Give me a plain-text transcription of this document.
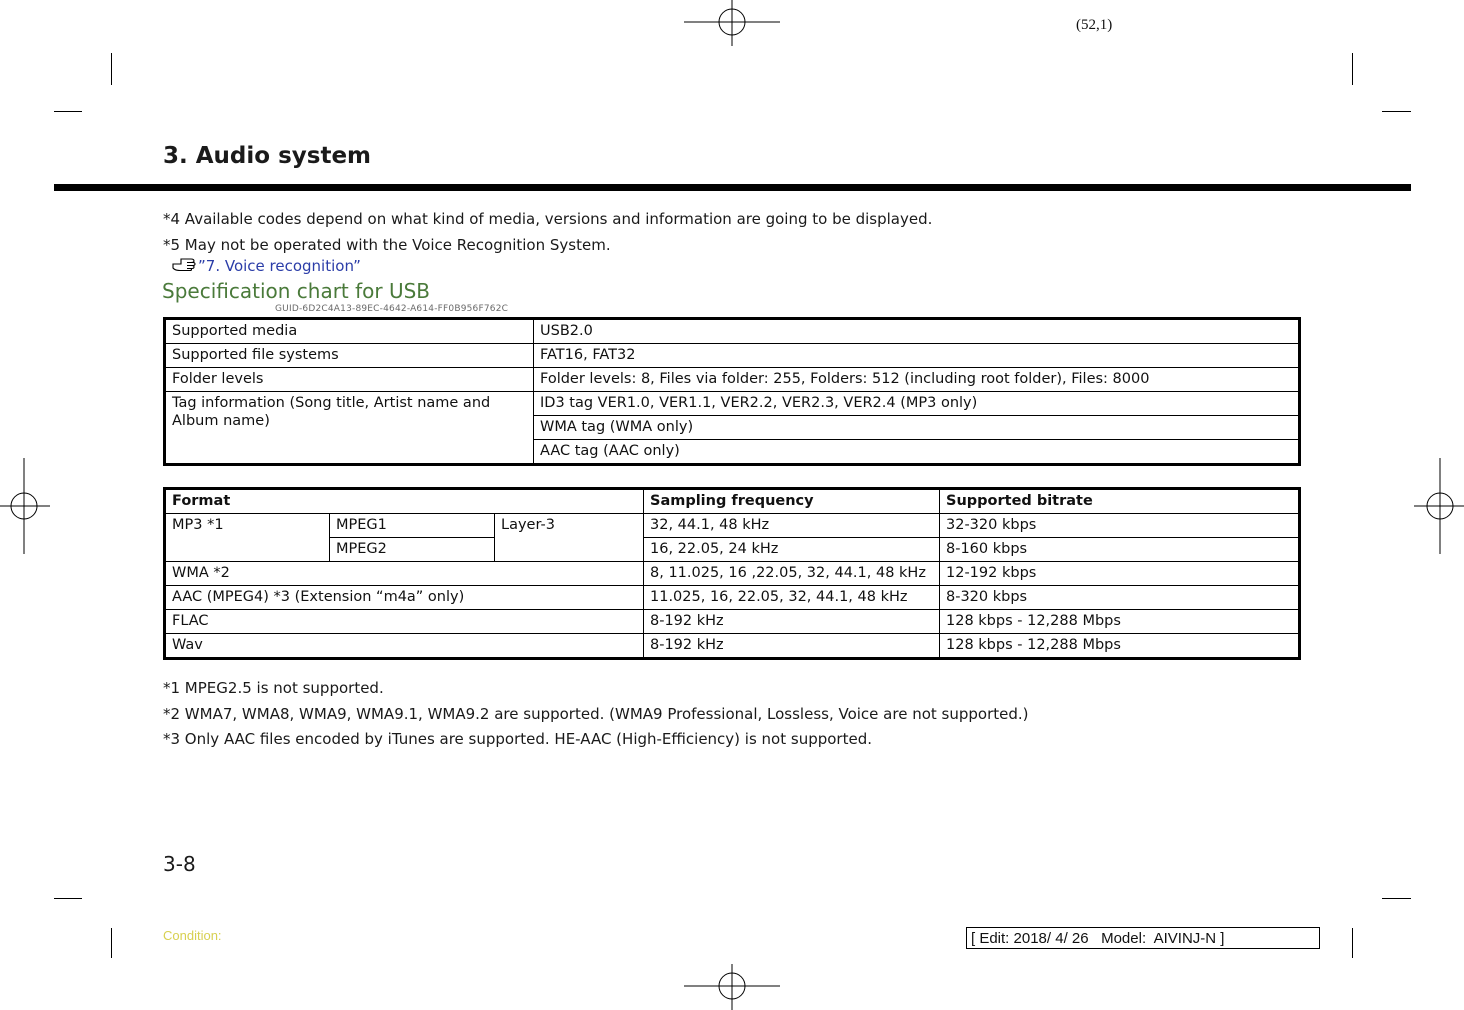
(52,1)
3. Audio system
*4 Available codes depend on what kind of media, versions and information are going to be displayed.
*5 May not be operated with the Voice Recognition System.
”7. Voice recognition”
Specification chart for USB
GUID-6D2C4A13-89EC-4642-A614-FF0B956F762C
Supported media	USB2.0
Supported file systems	FAT16, FAT32
Folder levels	Folder levels: 8, Files via folder: 255, Folders: 512 (including root folder), Files: 8000
Tag information (Song title, Artist name and Album name)	ID3 tag VER1.0, VER1.1, VER2.2, VER2.3, VER2.4 (MP3 only)
	WMA tag (WMA only)
	AAC tag (AAC only)
Format			Sampling frequency	Supported bitrate
MP3 *1	MPEG1	Layer-3	32, 44.1, 48 kHz	32-320 kbps
	MPEG2		16, 22.05, 24 kHz	8-160 kbps
WMA *2			8, 11.025, 16 ,22.05, 32, 44.1, 48 kHz	12-192 kbps
AAC (MPEG4) *3 (Extension “m4a” only)			11.025, 16, 22.05, 32, 44.1, 48 kHz	8-320 kbps
FLAC			8-192 kHz	128 kbps - 12,288 Mbps
Wav			8-192 kHz	128 kbps - 12,288 Mbps
*1 MPEG2.5 is not supported.
*2 WMA7, WMA8, WMA9, WMA9.1, WMA9.2 are supported. (WMA9 Professional, Lossless, Voice are not supported.)
*3 Only AAC files encoded by iTunes are supported. HE-AAC (High-Efficiency) is not supported.
3-8
Condition:	[ Edit: 2018/ 4/ 26   Model:  AIVINJ-N ]
